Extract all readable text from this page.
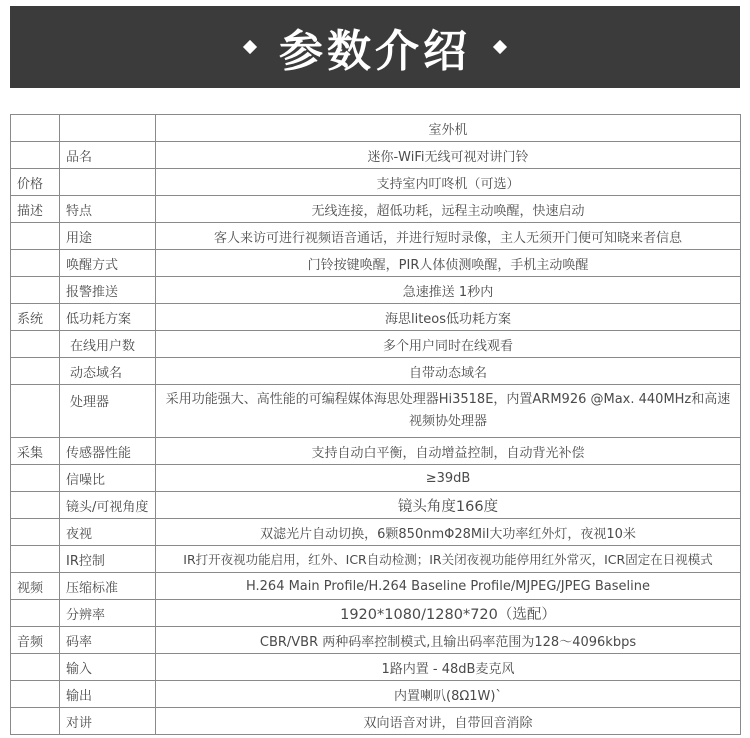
参数介绍
		室外机
	品名	迷你-WiFi无线可视对讲门铃
价格		支持室内叮咚机（可选）
描述	特点	无线连接，超低功耗，远程主动唤醒，快速启动
	用途	客人来访可进行视频语音通话，并进行短时录像，主人无须开门便可知晓来者信息
	唤醒方式	门铃按键唤醒，PIR人体侦测唤醒，手机主动唤醒
	报警推送	急速推送 1秒内
系统	低功耗方案	海思liteos低功耗方案
	在线用户数	多个用户同时在线观看
	动态域名	自带动态域名
	处理器	采用功能强大、高性能的可编程媒体海思处理器Hi3518E，内置ARM926 @Max. 440MHz和高速视频协处理器
采集	传感器性能	支持自动白平衡，自动增益控制，自动背光补偿
	信噪比	≥39dB
	镜头/可视角度	镜头角度166度
	夜视	双滤光片自动切换，6颗850nmΦ28Mil大功率红外灯，夜视10米
	IR控制	IR打开夜视功能启用，红外、ICR自动检测；IR关闭夜视功能停用红外常灭，ICR固定在日视模式
视频	压缩标准	H.264 Main Profile/H.264 Baseline Profile/MJPEG/JPEG Baseline
	分辨率	1920*1080/1280*720（选配）
音频	码率	CBR/VBR 两种码率控制模式,且输出码率范围为128～4096kbps
	输入	1路内置 - 48dB麦克风
	输出	内置喇叭(8Ω1W)`
	对讲	双向语音对讲，自带回音消除
